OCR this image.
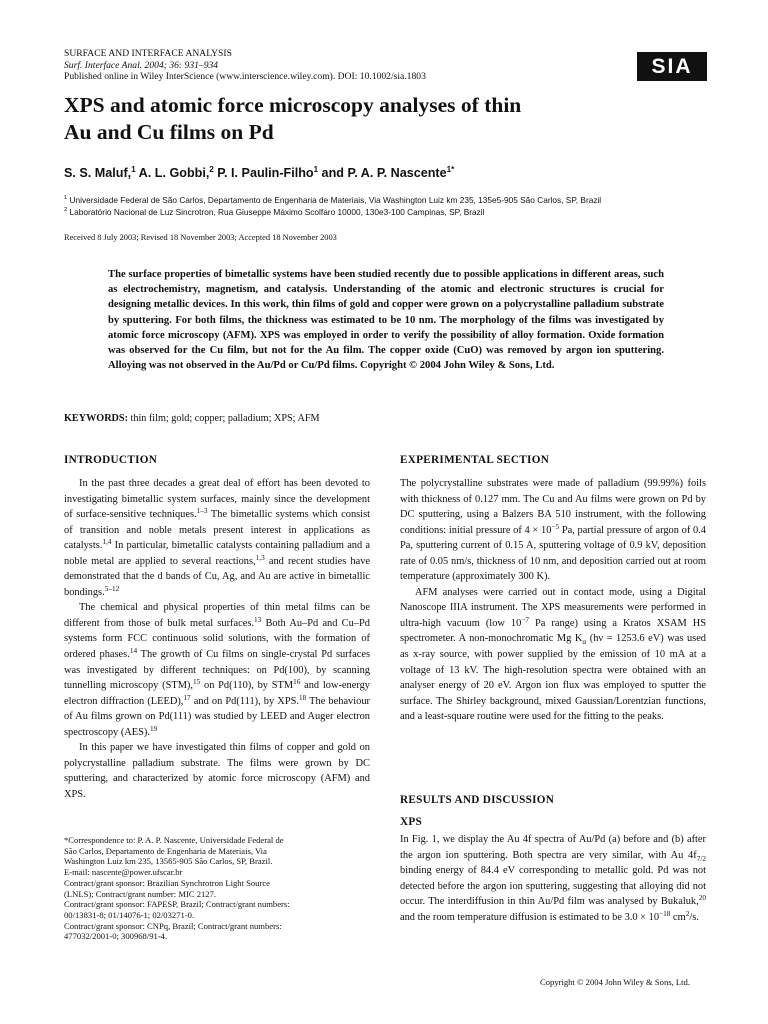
SURFACE AND INTERFACE ANALYSIS
Surf. Interface Anal. 2004; 36: 931–934
Published online in Wiley InterScience (www.interscience.wiley.com). DOI: 10.1002/sia.1803	SIA
XPS and atomic force microscopy analyses of thin
Au and Cu films on Pd
S. S. Maluf,$^1$ A. L. Gobbi,$^2$ P. I. Paulin-Filho$^1$ and P. A. P. Nascente$^{1*}$
$^1$ Universidade Federal de São Carlos, Departamento de Engenharia de Materiais, Via Washington Luiz km 235, 135e5-905 São Carlos, SP, Brazil
$^2$ Laboratório Nacional de Luz Sincrotron, Rua Giuseppe Máximo Scolfaro 10000, 130e3-100 Campinas, SP, Brazil
Received 8 July 2003; Revised 18 November 2003; Accepted 18 November 2003
The surface properties of bimetallic systems have been studied recently due to possible applications in different areas, such as electrochemistry, magnetism, and catalysis. Understanding of the atomic and electronic structures is crucial for designing metallic devices. In this work, thin films of gold and copper were grown on a polycrystalline palladium substrate by sputtering. For both films, the thickness was estimated to be 10 nm. The morphology of the films was investigated by atomic force microscopy (AFM). XPS was employed in order to verify the possibility of alloy formation. Oxide formation was observed for the Cu film, but not for the Au film. The copper oxide (CuO) was removed by argon ion sputtering. Alloying was not observed in the Au/Pd or Cu/Pd films. Copyright © 2004 John Wiley & Sons, Ltd.
KEYWORDS: thin film; gold; copper; palladium; XPS; AFM
INTRODUCTION

In the past three decades a great deal of effort has been devoted to investigating bimetallic system surfaces, mainly since the development of surface-sensitive techniques.$^{1-3}$ The bimetallic systems which consist of transition and noble metals present interest in applications as catalysts.$^{1,4}$ In particular, bimetallic catalysts containing palladium and a noble metal are applied to several reactions,$^{1,3}$ and recent studies have demonstrated that the d bands of Cu, Ag, and Au are active in bimetallic bondings.$^{5-12}$

The chemical and physical properties of thin metal films can be different from those of bulk metal surfaces.$^{13}$ Both Au–Pd and Cu–Pd systems form FCC continuous solid solutions, with the formation of ordered phases.$^{14}$ The growth of Cu films on single-crystal Pd surfaces was investigated by different techniques: on Pd(100), by scanning tunnelling microscopy (STM),$^{15}$ on Pd(110), by STM$^{16}$ and low-energy electron diffraction (LEED),$^{17}$ and on Pd(111), by XPS.$^{18}$ The behaviour of Au films grown on Pd(111) was studied by LEED and Auger electron spectroscopy (AES).$^{19}$

In this paper we have investigated thin films of copper and gold on polycrystalline palladium substrate. The films were grown by DC sputtering, and characterized by atomic force microscopy (AFM) and XPS.

*Correspondence to: P. A. P. Nascente, Universidade Federal de
São Carlos, Departamento de Engenharia de Materiais, Via
Washington Luiz km 235, 13565-905 São Carlos, SP, Brazil.
E-mail: nascente@power.ufscar.br
Contract/grant sponsor: Brazilian Synchrotron Light Source
(LNLS); Contract/grant number: MIC 2127.
Contract/grant sponsor: FAPESP, Brazil; Contract/grant numbers:
00/13831-8; 01/14076-1; 02/03271-0.
Contract/grant sponsor: CNPq, Brazil; Contract/grant numbers:
477032/2001-0; 300968/91-4.
EXPERIMENTAL SECTION

The polycrystalline substrates were made of palladium (99.99%) foils with thickness of 0.127 mm. The Cu and Au films were grown on Pd by DC sputtering, using a Balzers BA 510 instrument, with the following conditions: initial pressure of $4 \times 10^{-5}$ Pa, partial pressure of argon of 0.4 Pa, sputtering current of 0.15 A, sputtering voltage of 0.9 kV, deposition rate of 0.05 nm/s, thickness of 10 nm, and deposition carried out at room temperature (approximately 300 K).

AFM analyses were carried out in contact mode, using a Digital Nanoscope IIIA instrument. The XPS measurements were performed in ultra-high vacuum (low $10^{-7}$ Pa range) using a Kratos XSAM HS spectrometer. A non-monochromatic Mg $K_\alpha$ (hν = 1253.6 eV) was used as x-ray source, with power supplied by the emission of 10 mA at a voltage of 13 kV. The high-resolution spectra were obtained with an analyser energy of 20 eV. Argon ion flux was employed to sputter the surface. The Shirley background, mixed Gaussian/Lorentzian functions, and a least-square routine were used for the fitting to the peaks.

RESULTS AND DISCUSSION
XPS

In Fig. 1, we display the Au 4f spectra of Au/Pd (a) before and (b) after the argon ion sputtering. Both spectra are very similar, with Au $4f_{7/2}$ binding energy of 84.4 eV corresponding to metallic gold. Pd was not detected before the argon ion sputtering, suggesting that alloying did not occur. The interdiffusion in thin Au/Pd film was analysed by Bukaluk,$^{20}$ and the room temperature diffusion is estimated to be $3.0 \times 10^{-18}$ $cm^2/s$.

Copyright © 2004 John Wiley & Sons, Ltd.
